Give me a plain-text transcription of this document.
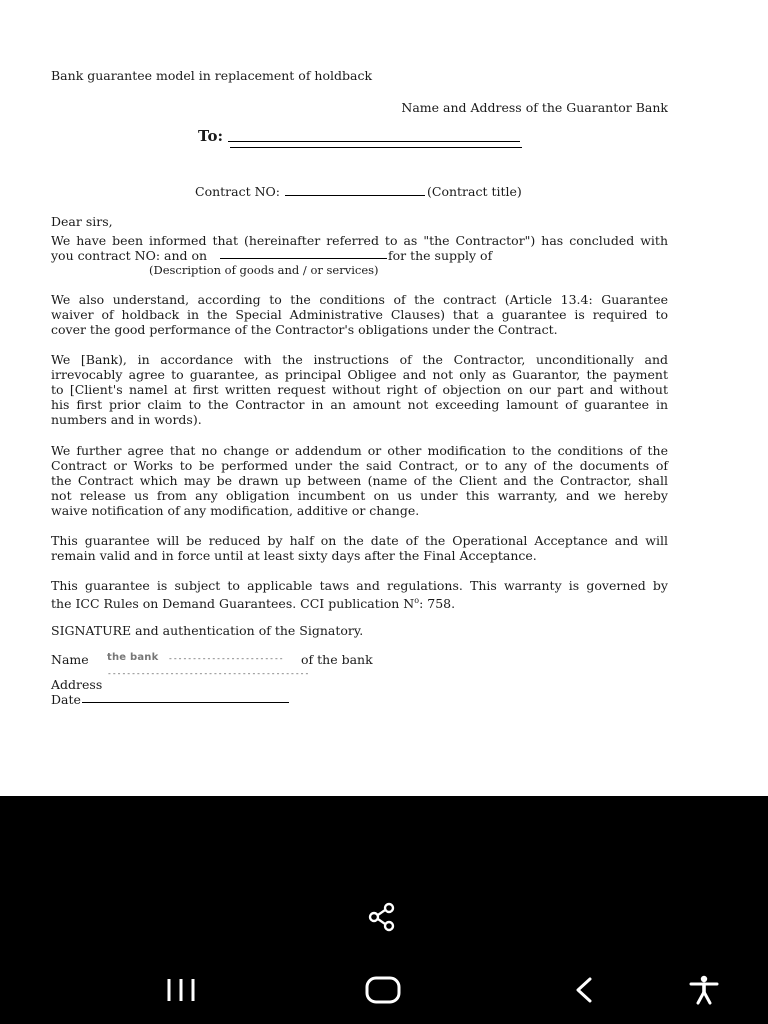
Bank guarantee model in replacement of holdback
Name and Address of the Guarantor Bank
To:
Contract NO:	(Contract title)
Dear sirs,
We have been informed that (hereinafter referred to as "the Contractor") has concluded with
you contract NO: and on	for the supply of
(Description of goods and / or services)
We also understand, according to the conditions of the contract (Article 13.4: Guarantee
waiver of holdback in the Special Administrative Clauses) that a guarantee is required to
cover the good performance of the Contractor's obligations under the Contract.
We [Bank), in accordance with the instructions of the Contractor, unconditionally and
irrevocably agree to guarantee, as principal Obligee and not only as Guarantor, the payment
to [Client's namel at first written request without right of objection on our part and without
his first prior claim to the Contractor in an amount not exceeding lamount of guarantee in
numbers and in words).
We further agree that no change or addendum or other modification to the conditions of the
Contract or Works to be performed under the said Contract, or to any of the documents of
the Contract which may be drawn up between (name of the Client and the Contractor, shall
not release us from any obligation incumbent on us under this warranty, and we hereby
waive notification of any modification, additive or change.
This guarantee will be reduced by half on the date of the Operational Acceptance and will
remain valid and in force until at least sixty days after the Final Acceptance.
This guarantee is subject to applicable taws and regulations. This warranty is governed by
the ICC Rules on Demand Guarantees. CCI publication $N^o$: 758.
SIGNATURE and authentication of the Signatory.
Name the bank ------------------------ of the bank
------------------------------------------
Address
Date
